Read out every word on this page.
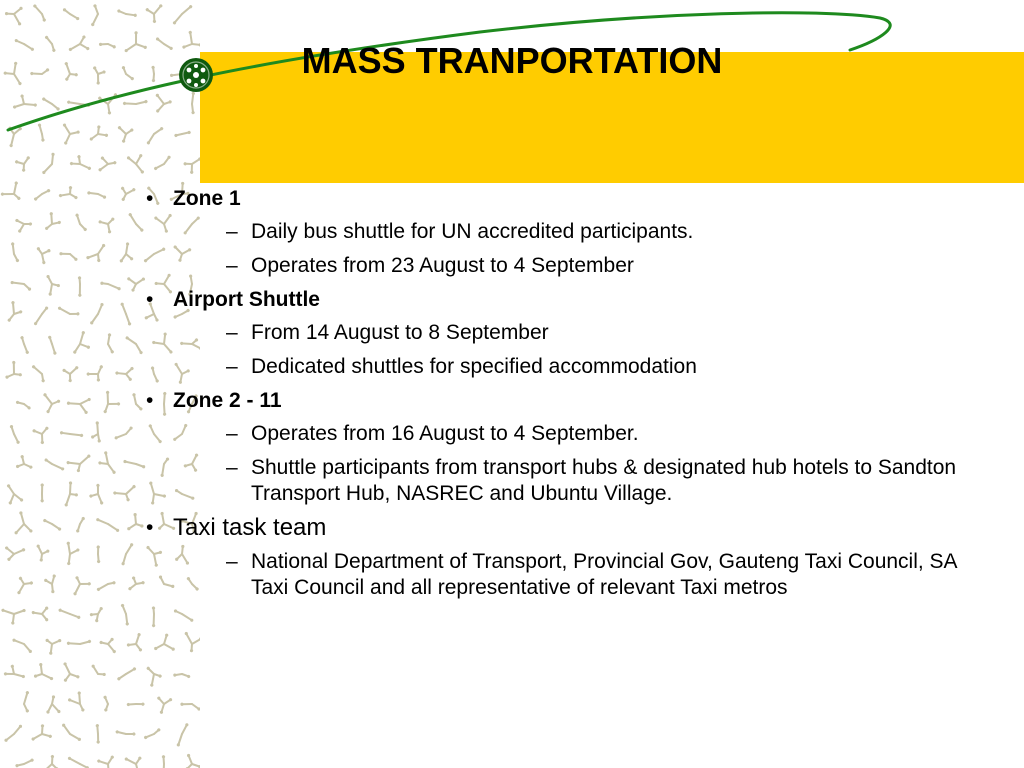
MASS TRANPORTATION
• Zone 1
– Daily bus shuttle for UN accredited participants.
– Operates from 23 August to 4 September
• Airport Shuttle
– From 14 August to 8 September
– Dedicated shuttles for specified accommodation
• Zone 2 - 11
– Operates from 16 August to 4 September.
– Shuttle participants from transport hubs & designated hub hotels to Sandton Transport Hub, NASREC and Ubuntu Village.
• Taxi task team
– National Department of Transport, Provincial Gov, Gauteng Taxi Council, SA Taxi Council and all representative of relevant Taxi metros
